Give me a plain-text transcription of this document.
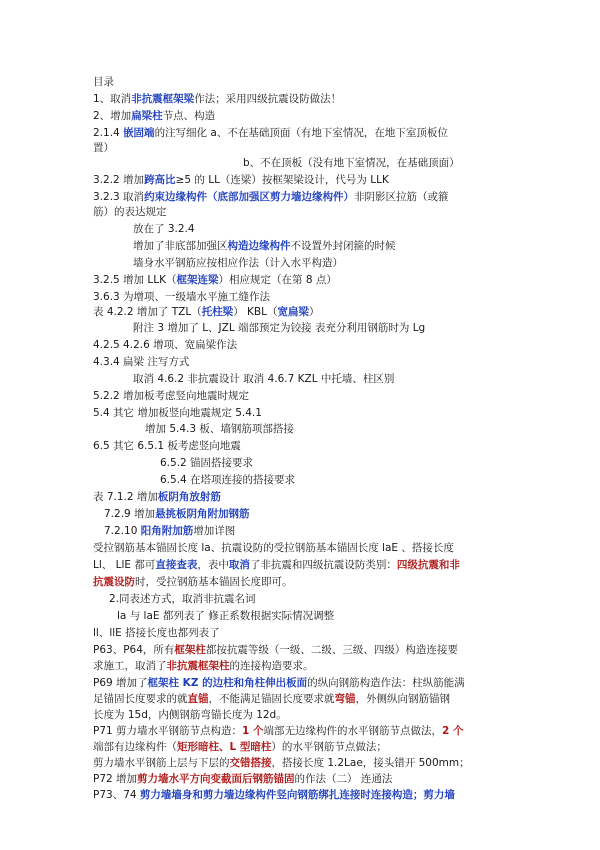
目录
1、取消非抗震框架梁作法；采用四级抗震设防做法！
2、增加扁梁柱节点、构造
2.1.4 嵌固端的注写细化 a、不在基础顶面（有地下室情况，在地下室顶板位
置）
b、不在顶板（没有地下室情况，在基础顶面）
3.2.2 增加跨高比≥5 的 LL（连梁）按框架梁设计，代号为 LLK
3.2.3 取消约束边缘构件（底部加强区剪力墙边缘构件）非阴影区拉筋（或箍
筋）的表达规定
放在了 3.2.4
增加了非底部加强区构造边缘构件不设置外封闭箍的时候
墙身水平钢筋应按相应作法（计入水平构造）
3.2.5 增加 LLK（框架连梁）相应规定（在第 8 点）
3.6.3 为增项、一级墙水平施工缝作法
表 4.2.2 增加了 TZL（托柱梁） KBL（宽扁梁）
附注 3 增加了 L、JZL 端部预定为铰接 表充分利用钢筋时为 Lg
4.2.5 4.2.6 增项、宽扁梁作法
4.3.4 扁梁 注写方式
取消 4.6.2 非抗震设计 取消 4.6.7 KZL 中托墙、柱区别
5.2.2 增加板考虑竖向地震时规定
5.4 其它 增加板竖向地震规定 5.4.1
增加 5.4.3 板、墙钢筋项部搭接
6.5 其它 6.5.1 板考虑竖向地震
6.5.2 锚固搭接要求
6.5.4 在塔项连接的搭接要求
表 7.1.2 增加板阴角放射筋
7.2.9 增加悬挑板阴角附加钢筋
7.2.10 阳角附加筋增加详图
受拉钢筋基本锚固长度 la、抗震设防的受拉钢筋基本锚固长度 laE 、搭接长度
Ll、 LlE 都可直接查表，表中取消了非抗震和四级抗震设防类别：四级抗震和非
抗震设防时，受拉钢筋基本锚固长度即可。
2.同表述方式，取消非抗震名词
la 与 laE 都列表了 修正系数根据实际情况调整
ll、llE 搭接长度也都列表了
P63、P64，所有框架柱都按抗震等级（一级、二级、三级、四级）构造连接要
求施工，取消了非抗震框架柱的连接构造要求。
P69 增加了框架柱 KZ 的边柱和角柱伸出板面的纵向钢筋构造作法：柱纵筋能满
足锚固长度要求的就直锚，不能满足锚固长度要求就弯锚，外侧纵向钢筋锚钢
长度为 15d，内侧钢筋弯锚长度为 12d。
P71 剪力墙水平钢筋节点构造：1 个端部无边缘构件的水平钢筋节点做法，2 个
端部有边缘构件（矩形暗柱、L 型暗柱）的水平钢筋节点做法；
剪力墙水平钢筋上层与下层的交错搭接，搭接长度 1.2Lae，接头错开 500mm；
P72 增加剪力墙水平方向变截面后钢筋锚固的作法（二） 连通法
P73、74 剪力墙墙身和剪力墙边缘构件竖向钢筋绑扎连接时连接构造；剪力墙
